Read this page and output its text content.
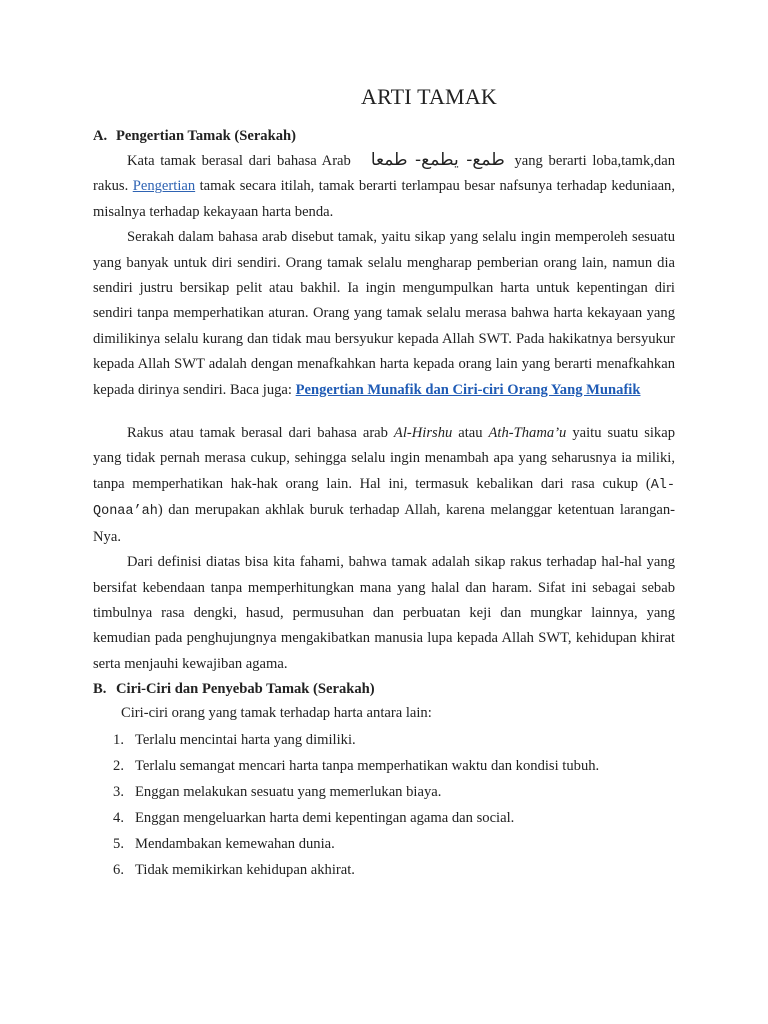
ARTI TAMAK
A. Pengertian Tamak (Serakah)

Kata tamak berasal dari bahasa Arab طمع- يطمع- طمعا yang berarti loba,tamk,dan rakus. Pengertian tamak secara itilah, tamak berarti terlampau besar nafsunya terhadap keduniaan, misalnya terhadap kekayaan harta benda.

Serakah dalam bahasa arab disebut tamak, yaitu sikap yang selalu ingin memperoleh sesuatu yang banyak untuk diri sendiri. Orang tamak selalu mengharap pemberian orang lain, namun dia sendiri justru bersikap pelit atau bakhil. Ia ingin mengumpulkan harta untuk kepentingan diri sendiri tanpa memperhatikan aturan. Orang yang tamak selalu merasa bahwa harta kekayaan yang dimilikinya selalu kurang dan tidak mau bersyukur kepada Allah SWT. Pada hakikatnya bersyukur kepada Allah SWT adalah dengan menafkahkan harta kepada orang lain yang berarti menafkahkan kepada dirinya sendiri. Baca juga: Pengertian Munafik dan Ciri-ciri Orang Yang Munafik

Rakus atau tamak berasal dari bahasa arab Al-Hirshu atau Ath-Thama’u yaitu suatu sikap yang tidak pernah merasa cukup, sehingga selalu ingin menambah apa yang seharusnya ia miliki, tanpa memperhatikan hak-hak orang lain. Hal ini, termasuk kebalikan dari rasa cukup (Al-Qonaa’ah) dan merupakan akhlak buruk terhadap Allah, karena melanggar ketentuan larangan-Nya.

Dari definisi diatas bisa kita fahami, bahwa tamak adalah sikap rakus terhadap hal-hal yang bersifat kebendaan tanpa memperhitungkan mana yang halal dan haram. Sifat ini sebagai sebab timbulnya rasa dengki, hasud, permusuhan dan perbuatan keji dan mungkar lainnya, yang kemudian pada penghujungnya mengakibatkan manusia lupa kepada Allah SWT, kehidupan khirat serta menjauhi kewajiban agama.

B. Ciri-Ciri dan Penyebab Tamak (Serakah)

Ciri-ciri orang yang tamak terhadap harta antara lain:

1. Terlalu mencintai harta yang dimiliki.
2. Terlalu semangat mencari harta tanpa memperhatikan waktu dan kondisi tubuh.
3. Enggan melakukan sesuatu yang memerlukan biaya.
4. Enggan mengeluarkan harta demi kepentingan agama dan social.
5. Mendambakan kemewahan dunia.
6. Tidak memikirkan kehidupan akhirat.
